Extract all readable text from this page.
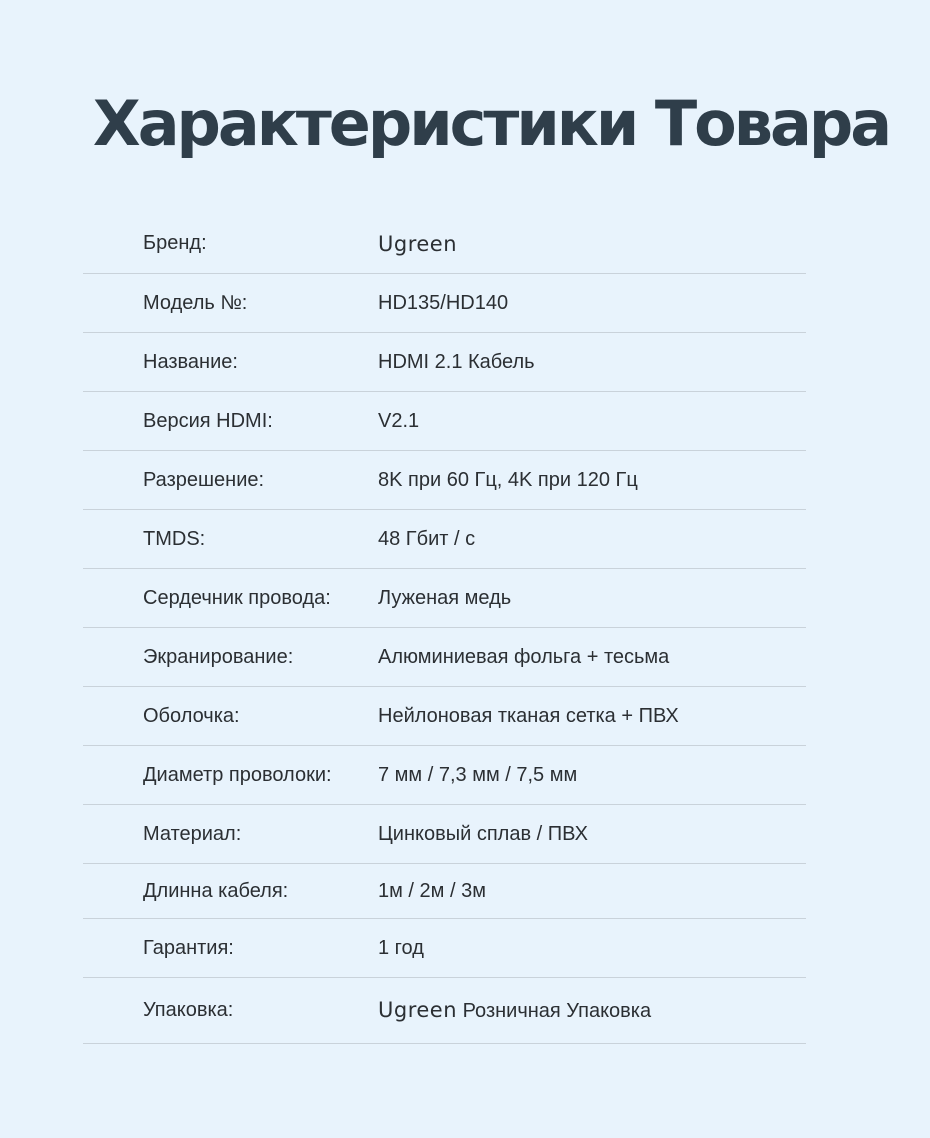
Характеристики Товара
Бренд:	Ugreen
Модель №:	HD135/HD140
Название:	HDMI 2.1 Кабель
Версия HDMI:	V2.1
Разрешение:	8K при 60 Гц, 4K при 120 Гц
TMDS:	48 Гбит / с
Сердечник провода:	Луженая медь
Экранирование:	Алюминиевая фольга + тесьма
Оболочка:	Нейлоновая тканая сетка + ПВХ
Диаметр проволоки:	7 мм / 7,3 мм / 7,5 мм
Материал:	Цинковый сплав / ПВХ
Длинна кабеля:	1м / 2м / 3м
Гарантия:	1 год
Упаковка:	Ugreen Розничная Упаковка
